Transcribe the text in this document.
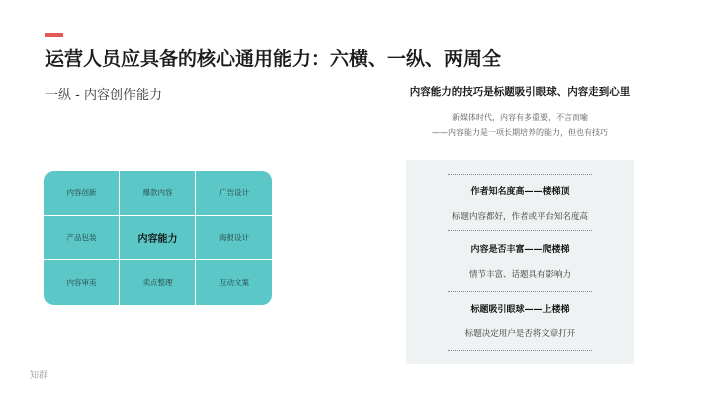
运营人员应具备的核心通用能力：六横、一纵、两周全
一纵 - 内容创作能力
内容创新	爆款内容	广告设计
产品包装	内容能力	海报设计
内容审美	卖点整理	互动文案
内容能力的技巧是标题吸引眼球、内容走到心里
新媒体时代，内容有多重要，不言而喻
——内容能力是一项长期培养的能力，但也有技巧
作者知名度高——楼梯顶
标题内容都好，作者或平台知名度高
内容是否丰富——爬楼梯
情节丰富、话题具有影响力
标题吸引眼球——上楼梯
标题决定用户是否将文章打开
知群
